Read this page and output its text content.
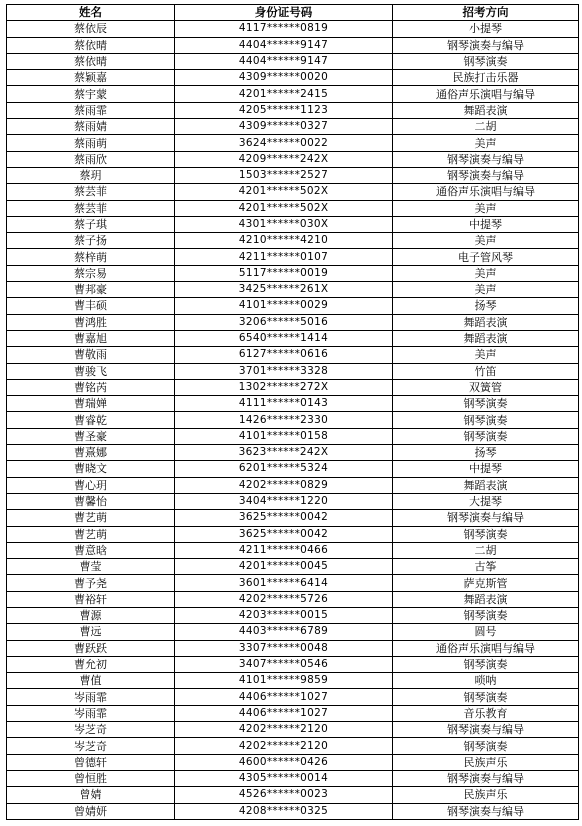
姓名	身份证号码	招考方向
蔡依辰	4117******0819	小提琴
蔡依晴	4404******9147	钢琴演奏与编导
蔡依晴	4404******9147	钢琴演奏
蔡颖嘉	4309******0020	民族打击乐器
蔡宇蒙	4201******2415	通俗声乐演唱与编导
蔡雨霏	4205******1123	舞蹈表演
蔡雨婧	4309******0327	二胡
蔡雨萌	3624******0022	美声
蔡雨欣	4209******242X	钢琴演奏与编导
蔡玥	1503******2527	钢琴演奏与编导
蔡芸菲	4201******502X	通俗声乐演唱与编导
蔡芸菲	4201******502X	美声
蔡子琪	4301******030X	中提琴
蔡子扬	4210******4210	美声
蔡梓萌	4211******0107	电子管风琴
蔡宗易	5117******0019	美声
曹邦豪	3425******261X	美声
曹丰硕	4101******0029	扬琴
曹鸿胜	3206******5016	舞蹈表演
曹嘉旭	6540******1414	舞蹈表演
曹敬雨	6127******0616	美声
曹骏飞	3701******3328	竹笛
曹铭芮	1302******272X	双簧管
曹瑞婵	4111******0143	钢琴演奏
曹睿乾	1426******2330	钢琴演奏
曹圣豪	4101******0158	钢琴演奏
曹熹娜	3623******242X	扬琴
曹晓文	6201******5324	中提琴
曹心玥	4202******0829	舞蹈表演
曹馨怡	3404******1220	大提琴
曹艺萌	3625******0042	钢琴演奏与编导
曹艺萌	3625******0042	钢琴演奏
曹意晗	4211******0466	二胡
曹莹	4201******0045	古筝
曹予尧	3601******6414	萨克斯管
曹裕轩	4202******5726	舞蹈表演
曹源	4203******0015	钢琴演奏
曹远	4403******6789	圆号
曹跃跃	3307******0048	通俗声乐演唱与编导
曹允初	3407******0546	钢琴演奏
曹值	4101******9859	唢呐
岑雨霏	4406******1027	钢琴演奏
岑雨霏	4406******1027	音乐教育
岑芝奇	4202******2120	钢琴演奏与编导
岑芝奇	4202******2120	钢琴演奏
曾德轩	4600******0426	民族声乐
曾恒胜	4305******0014	钢琴演奏与编导
曾婧	4526******0023	民族声乐
曾婧妍	4208******0325	钢琴演奏与编导
